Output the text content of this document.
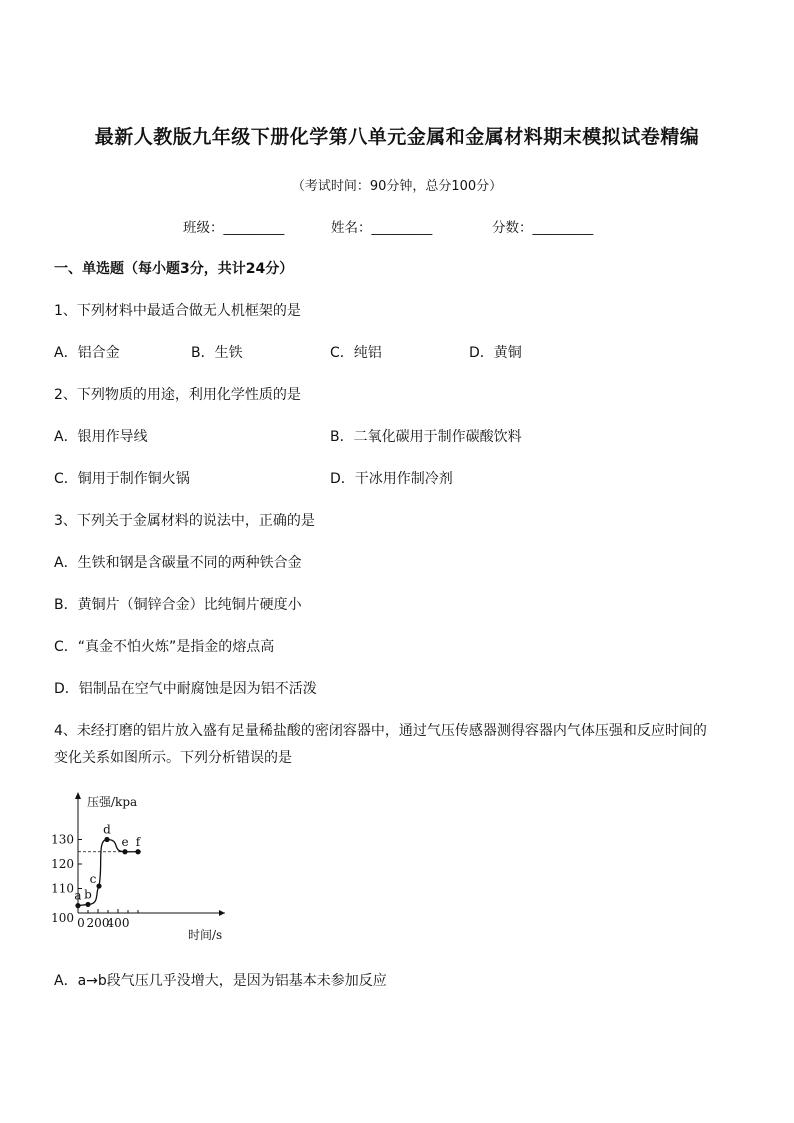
最新人教版九年级下册化学第八单元金属和金属材料期末模拟试卷精编
（考试时间：90分钟，总分100分）
班级：_________	姓名：_________	分数：_________
一、单选题（每小题3分，共计24分）
1、下列材料中最适合做无人机框架的是
A．铝合金	B．生铁	C．纯铝	D．黄铜
2、下列物质的用途，利用化学性质的是
A．银用作导线	B．二氧化碳用于制作碳酸饮料
C．铜用于制作铜火锅	D．干冰用作制冷剂
3、下列关于金属材料的说法中，正确的是
A．生铁和钢是含碳量不同的两种铁合金
B．黄铜片（铜锌合金）比纯铜片硬度小
C．“真金不怕火炼”是指金的熔点高
D．铝制品在空气中耐腐蚀是因为铝不活泼
4、未经打磨的铝片放入盛有足量稀盐酸的密闭容器中，通过气压传感器测得容器内气体压强和反应时间的
变化关系如图所示。下列分析错误的是
压强/kpa
时间/s
100
110
120
130
0 200
400
a b
c
d
e f
A．a→b段气压几乎没增大，是因为铝基本未参加反应
